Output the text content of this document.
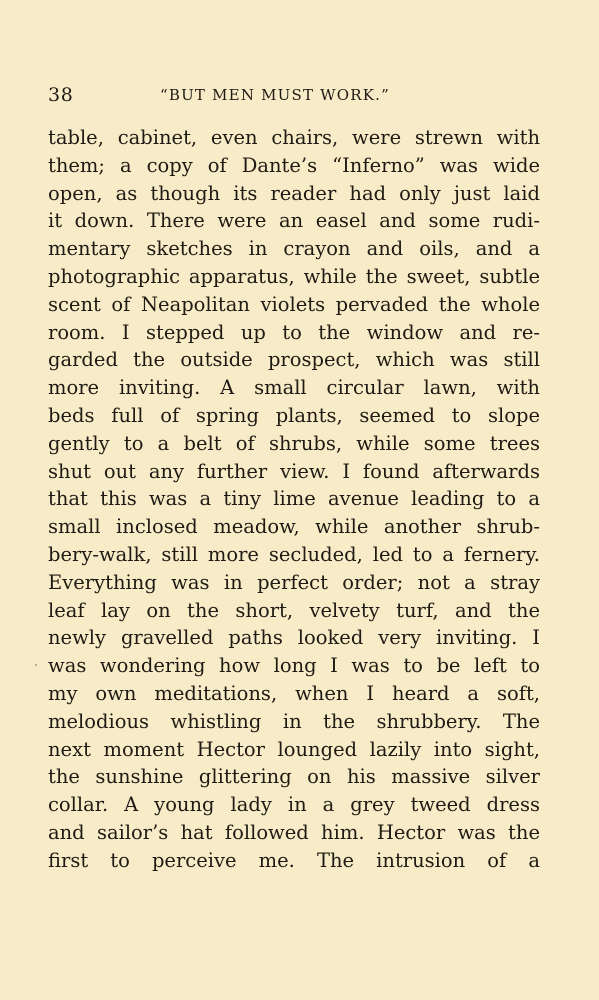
38	“BUT MEN MUST WORK.”
table, cabinet, even chairs, were strewn with
them; a copy of Dante’s “Inferno” was wide
open, as though its reader had only just laid
it down. There were an easel and some rudi-
mentary sketches in crayon and oils, and a
photographic apparatus, while the sweet, subtle
scent of Neapolitan violets pervaded the whole
room. I stepped up to the window and re-
garded the outside prospect, which was still
more inviting. A small circular lawn, with
beds full of spring plants, seemed to slope
gently to a belt of shrubs, while some trees
shut out any further view. I found afterwards
that this was a tiny lime avenue leading to a
small inclosed meadow, while another shrub-
bery-walk, still more secluded, led to a fernery.
Everything was in perfect order; not a stray
leaf lay on the short, velvety turf, and the
newly gravelled paths looked very inviting. I
was wondering how long I was to be left to
my own meditations, when I heard a soft,
melodious whistling in the shrubbery. The
next moment Hector lounged lazily into sight,
the sunshine glittering on his massive silver
collar. A young lady in a grey tweed dress
and sailor’s hat followed him. Hector was the
first to perceive me. The intrusion of a
